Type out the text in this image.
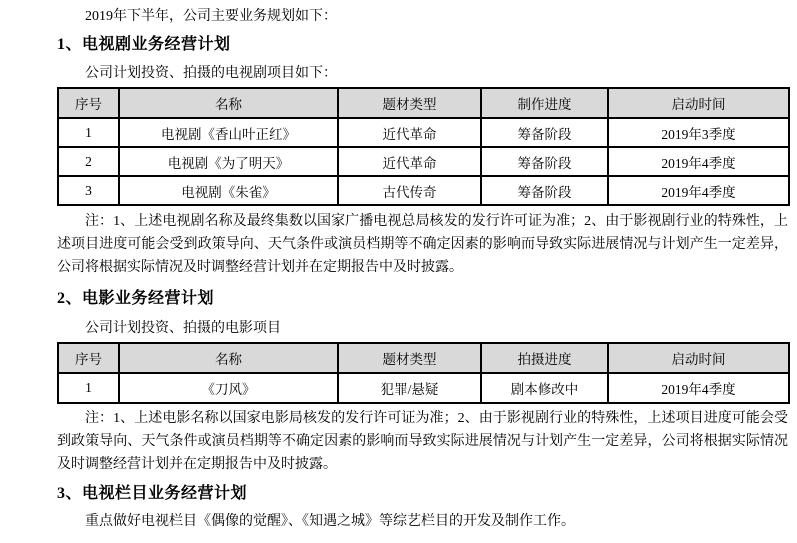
2019年下半年，公司主要业务规划如下：

1、电视剧业务经营计划

公司计划投资、拍摄的电视剧项目如下：

序号	名称	题材类型	制作进度	启动时间
1	电视剧《香山叶正红》	近代革命	筹备阶段	2019年3季度
2	电视剧《为了明天》	近代革命	筹备阶段	2019年4季度
3	电视剧《朱雀》	古代传奇	筹备阶段	2019年4季度

注：1、上述电视剧名称及最终集数以国家广播电视总局核发的发行许可证为准；2、由于影视剧行业的特殊性，上述项目进度可能会受到政策导向、天气条件或演员档期等不确定因素的影响而导致实际进展情况与计划产生一定差异，公司将根据实际情况及时调整经营计划并在定期报告中及时披露。

2、电影业务经营计划

公司计划投资、拍摄的电影项目

序号	名称	题材类型	拍摄进度	启动时间
1	《刀风》	犯罪/悬疑	剧本修改中	2019年4季度

注：1、上述电影名称以国家电影局核发的发行许可证为准；2、由于影视剧行业的特殊性，上述项目进度可能会受到政策导向、天气条件或演员档期等不确定因素的影响而导致实际进展情况与计划产生一定差异，公司将根据实际情况及时调整经营计划并在定期报告中及时披露。

3、电视栏目业务经营计划

重点做好电视栏目《偶像的觉醒》、《知遇之城》等综艺栏目的开发及制作工作。
